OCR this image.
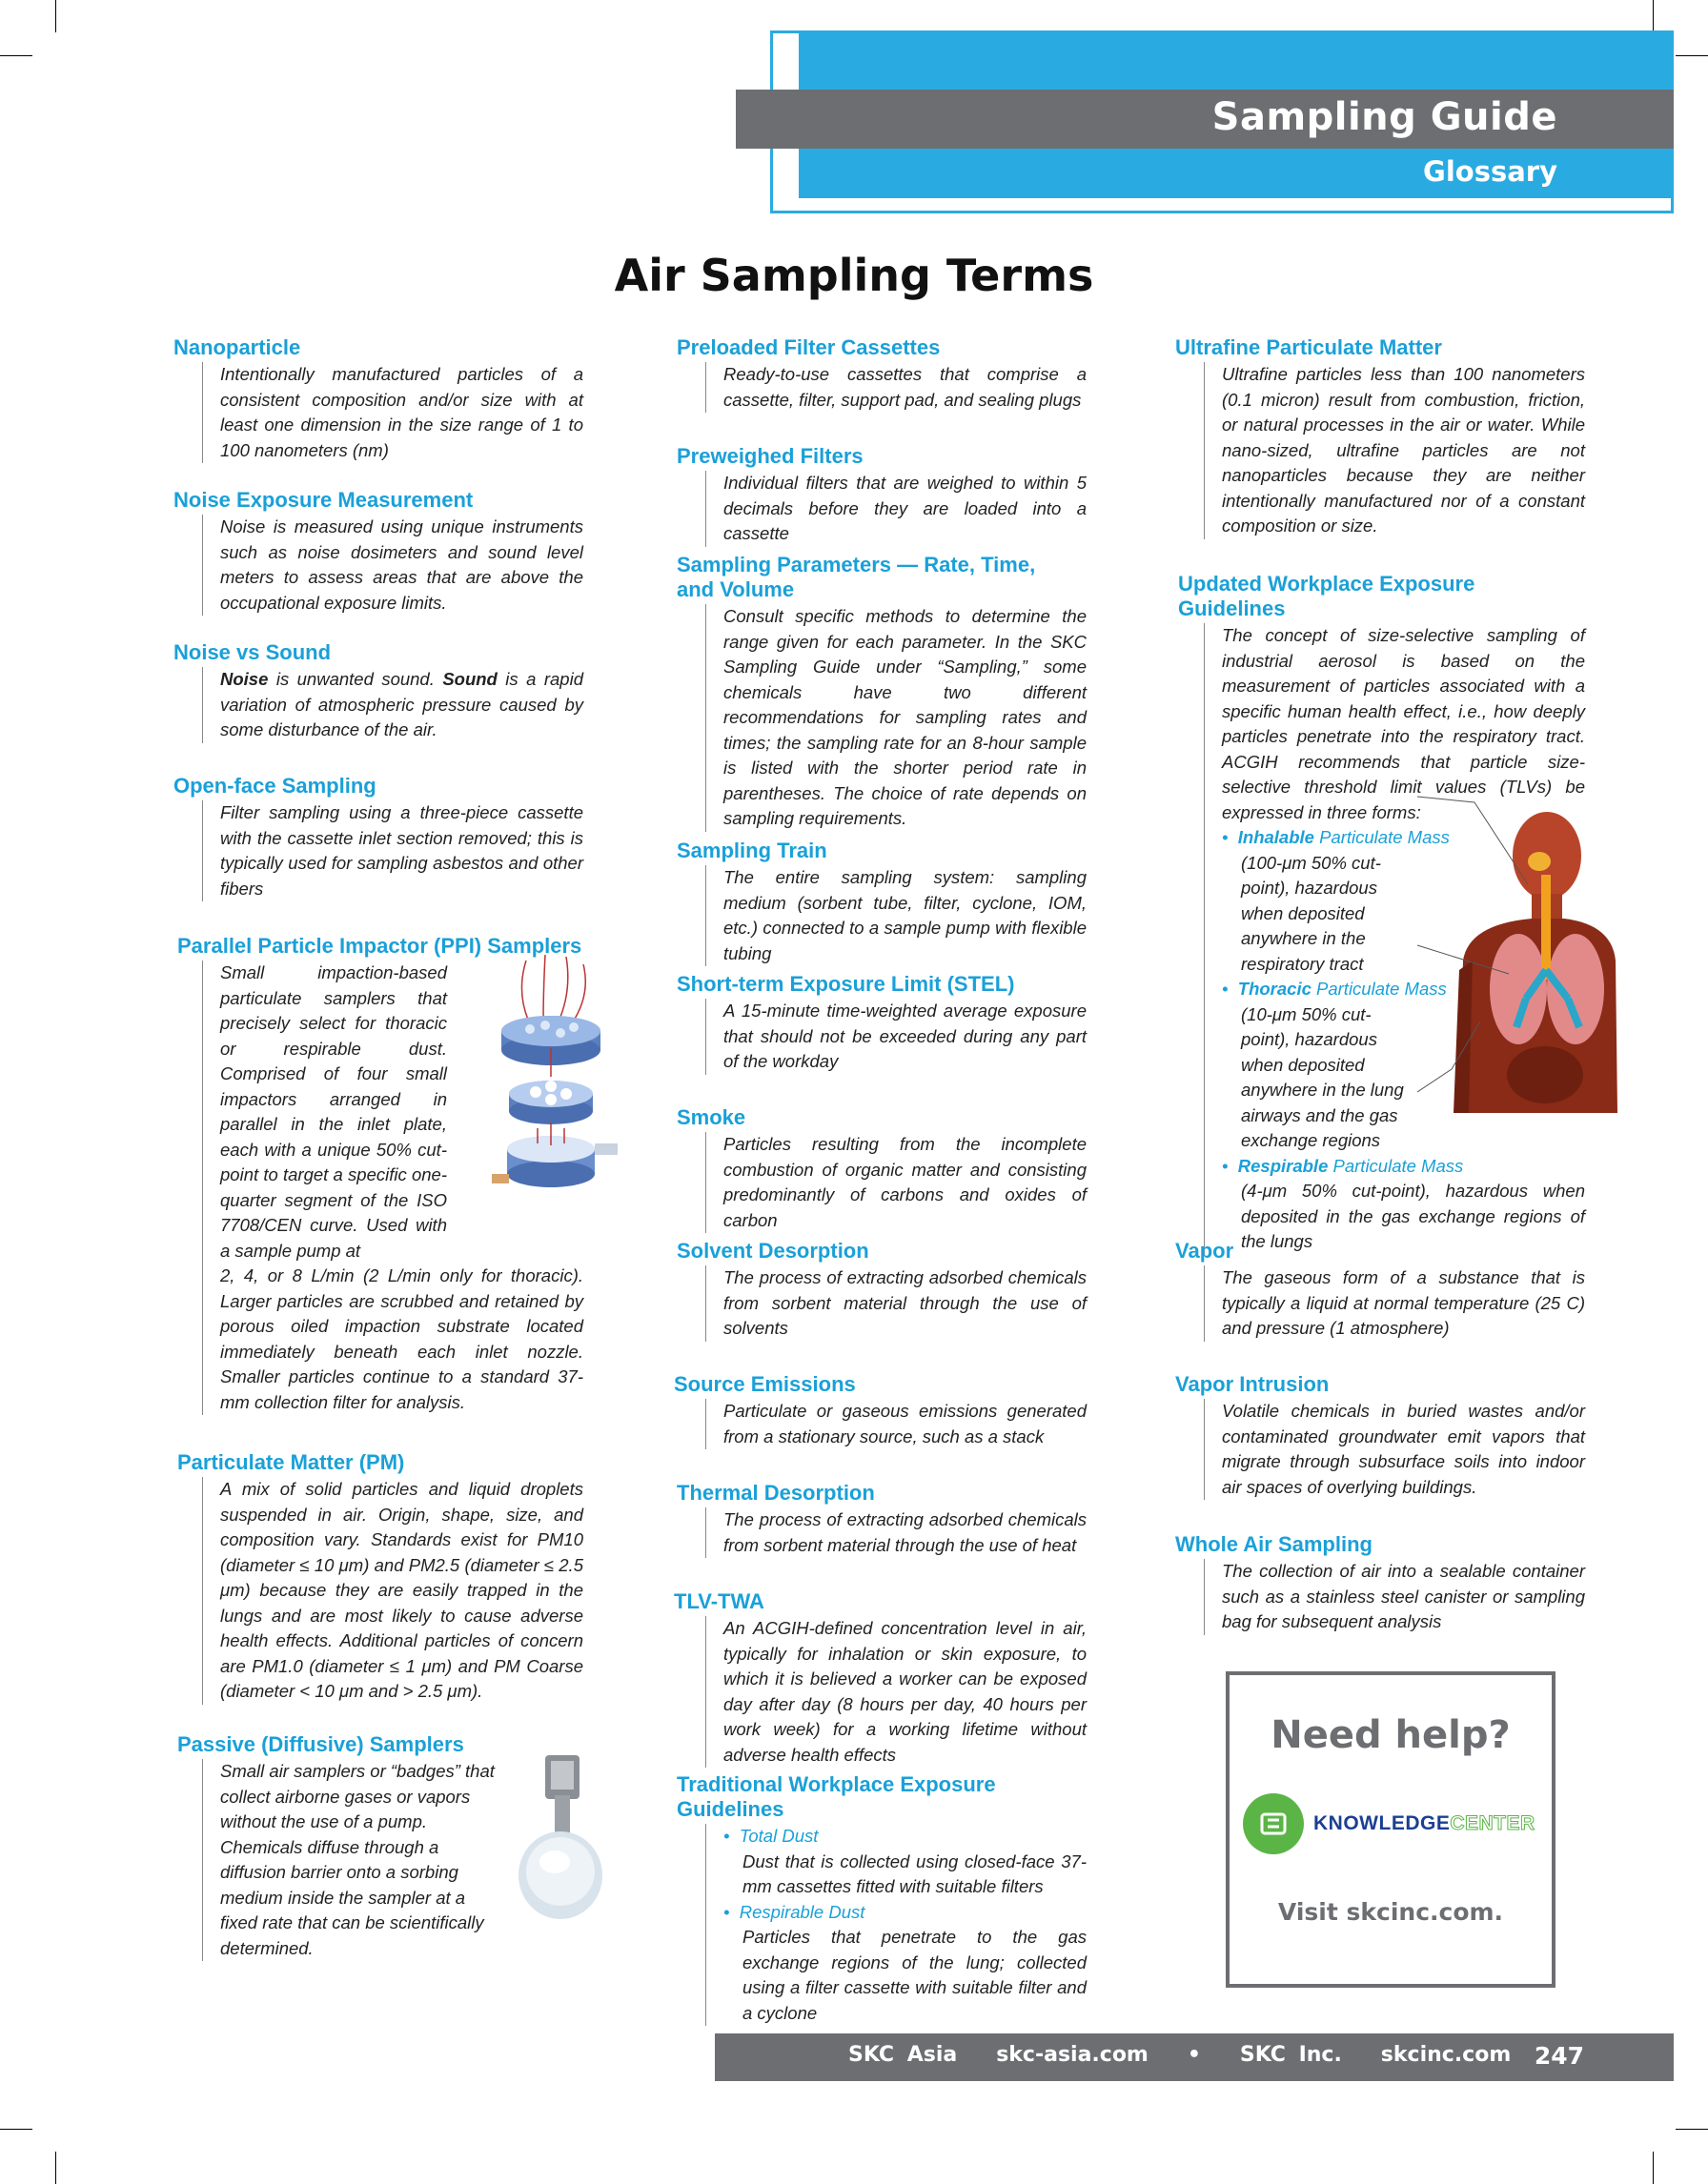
Sampling Guide
Glossary
Air Sampling Terms
Nanoparticle
Intentionally manufactured particles of a consistent composition and/or size with at least one dimension in the size range of 1 to 100 nanometers (nm)
Noise Exposure Measurement
Noise is measured using unique instruments such as noise dosimeters and sound level meters to assess areas that are above the occupational exposure limits.
Noise vs Sound
Noise is unwanted sound. Sound is a rapid variation of atmospheric pressure caused by some disturbance of the air.
Open-face Sampling
Filter sampling using a three-piece cassette with the cassette inlet section removed; this is typically used for sampling asbestos and other fibers
Parallel Particle Impactor (PPI) Samplers
Small impaction-based particulate samplers that precisely select for thoracic or respirable dust. Comprised of four small impactors arranged in parallel in the inlet plate, each with a unique 50% cut-point to target a specific one-quarter segment of the ISO 7708/CEN curve. Used with a sample pump at
2, 4, or 8 L/min (2 L/min only for thoracic). Larger particles are scrubbed and retained by porous oiled impaction substrate located immediately beneath each inlet nozzle. Smaller particles continue to a standard 37-mm collection filter for analysis.
Particulate Matter (PM)
A mix of solid particles and liquid droplets suspended in air. Origin, shape, size, and composition vary. Standards exist for PM10 (diameter ≤ 10 μm) and PM2.5 (diameter ≤ 2.5 μm) because they are easily trapped in the lungs and are most likely to cause adverse health effects. Additional particles of concern are PM1.0 (diameter ≤ 1 μm) and PM Coarse (diameter < 10 μm and > 2.5 μm).
Passive (Diffusive) Samplers
Small air samplers or “badges” that collect airborne gases or vapors without the use of a pump. Chemicals diffuse through a diffusion barrier onto a sorbing medium inside the sampler at a fixed rate that can be scientifically determined.
Preloaded Filter Cassettes
Ready-to-use cassettes that comprise a cassette, filter, support pad, and sealing plugs
Preweighed Filters
Individual filters that are weighed to within 5 decimals before they are loaded into a cassette
Sampling Parameters — Rate, Time, and Volume
Consult specific methods to determine the range given for each parameter. In the SKC Sampling Guide under “Sampling,” some chemicals have two different recommendations for sampling rates and times; the sampling rate for an 8-hour sample is listed with the shorter period rate in parentheses. The choice of rate depends on sampling requirements.
Sampling Train
The entire sampling system: sampling medium (sorbent tube, filter, cyclone, IOM, etc.) connected to a sample pump with flexible tubing
Short-term Exposure Limit (STEL)
A 15-minute time-weighted average exposure that should not be exceeded during any part of the workday
Smoke
Particles resulting from the incomplete combustion of organic matter and consisting predominantly of carbons and oxides of carbon
Solvent Desorption
The process of extracting adsorbed chemicals from sorbent material through the use of solvents
Source Emissions
Particulate or gaseous emissions generated from a stationary source, such as a stack
Thermal Desorption
The process of extracting adsorbed chemicals from sorbent material through the use of heat
TLV-TWA
An ACGIH-defined concentration level in air, typically for inhalation or skin exposure, to which it is believed a worker can be exposed day after day (8 hours per day, 40 hours per work week) for a working lifetime without adverse health effects
Traditional Workplace Exposure Guidelines
•  Total Dust
Dust that is collected using closed-face 37-mm cassettes fitted with suitable filters
•  Respirable Dust
Particles that penetrate to the gas exchange regions of the lung; collected using a filter cassette with suitable filter and a cyclone
Ultrafine Particulate Matter
Ultrafine particles less than 100 nanometers (0.1 micron) result from combustion, friction, or natural processes in the air or water. While nano-sized, ultrafine particles are not nanoparticles because they are neither intentionally manufactured nor of a constant composition or size.
Updated Workplace Exposure Guidelines
The concept of size-selective sampling of industrial aerosol is based on the measurement of particles associated with a specific human health effect, i.e., how deeply particles penetrate into the respiratory tract. ACGIH recommends that particle size-selective threshold limit values (TLVs) be expressed in three forms:
•  Inhalable Particulate Mass
(100-μm 50% cut-point), hazardous when deposited anywhere in the respiratory tract
•  Thoracic Particulate Mass
(10-μm 50% cut-point), hazardous when deposited anywhere in the lung airways and the gas exchange regions
•  Respirable Particulate Mass
(4-μm 50% cut-point), hazardous when deposited in the gas exchange regions of the lungs
Vapor
The gaseous form of a substance that is typically a liquid at normal temperature (25 C) and pressure (1 atmosphere)
Vapor Intrusion
Volatile chemicals in buried wastes and/or contaminated groundwater emit vapors that migrate through subsurface soils into indoor air spaces of overlying buildings.
Whole Air Sampling
The collection of air into a sealable container such as a stainless steel canister or sampling bag for subsequent analysis
Need help?
KNOWLEDGECENTER
Visit skcinc.com.
SKC Asia   skc-asia.com   •   SKC Inc.   skcinc.com 247
